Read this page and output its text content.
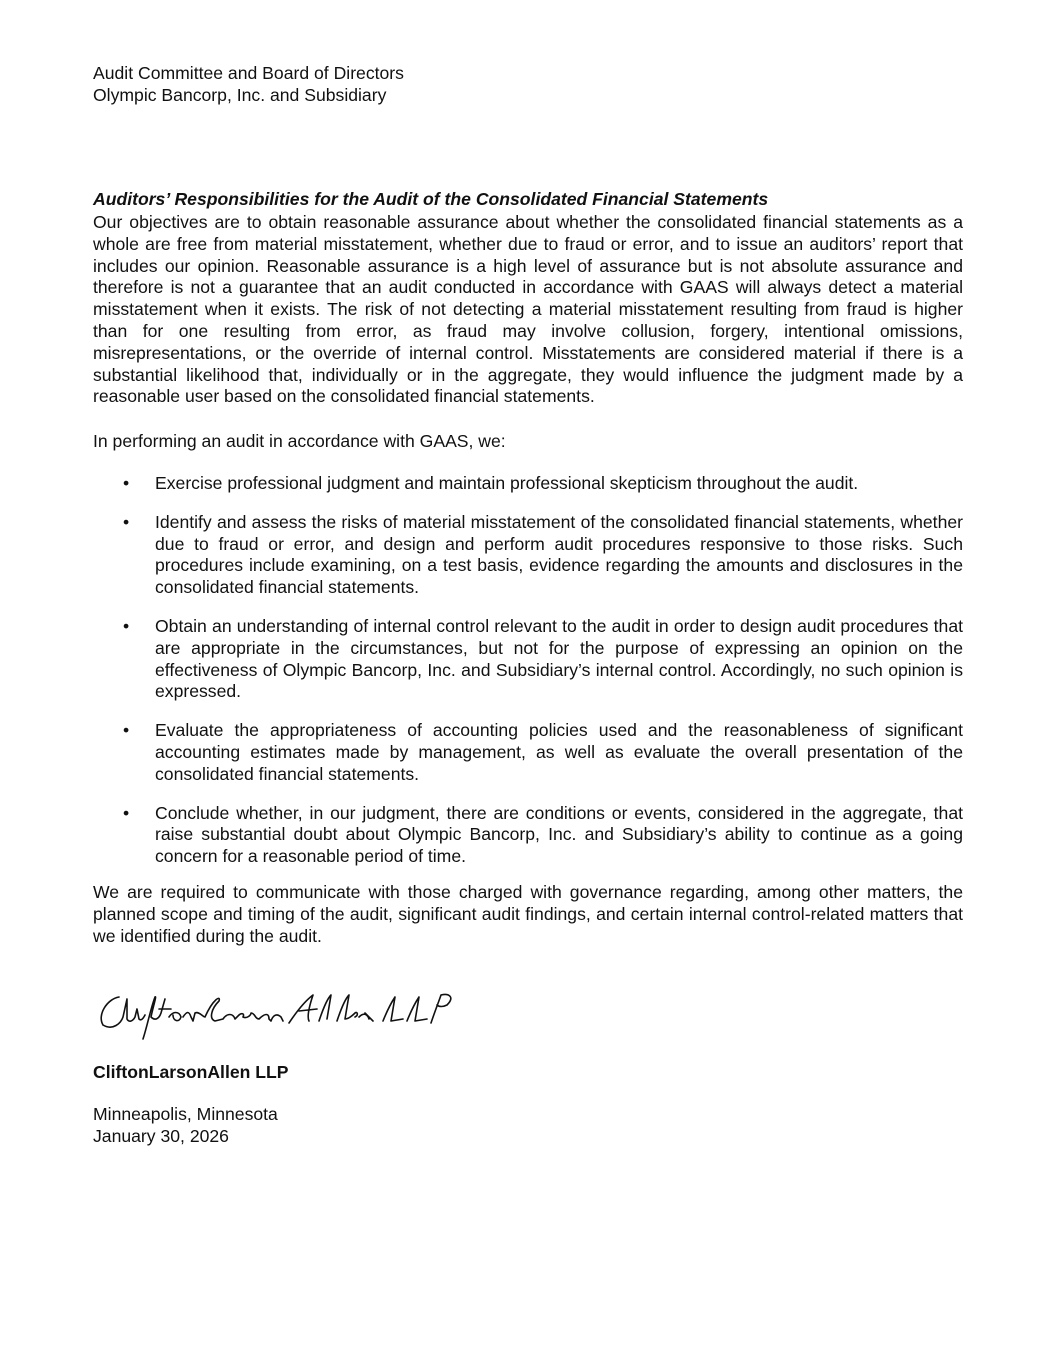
Audit Committee and Board of Directors
Olympic Bancorp, Inc. and Subsidiary
Auditors’ Responsibilities for the Audit of the Consolidated Financial Statements

Our objectives are to obtain reasonable assurance about whether the consolidated financial statements as a whole are free from material misstatement, whether due to fraud or error, and to issue an auditors’ report that includes our opinion. Reasonable assurance is a high level of assurance but is not absolute assurance and therefore is not a guarantee that an audit conducted in accordance with GAAS will always detect a material misstatement when it exists. The risk of not detecting a material misstatement resulting from fraud is higher than for one resulting from error, as fraud may involve collusion, forgery, intentional omissions, misrepresentations, or the override of internal control. Misstatements are considered material if there is a substantial likelihood that, individually or in the aggregate, they would influence the judgment made by a reasonable user based on the consolidated financial statements.

In performing an audit in accordance with GAAS, we:

• Exercise professional judgment and maintain professional skepticism throughout the audit.
• Identify and assess the risks of material misstatement of the consolidated financial statements, whether due to fraud or error, and design and perform audit procedures responsive to those risks. Such procedures include examining, on a test basis, evidence regarding the amounts and disclosures in the consolidated financial statements.
• Obtain an understanding of internal control relevant to the audit in order to design audit procedures that are appropriate in the circumstances, but not for the purpose of expressing an opinion on the effectiveness of Olympic Bancorp, Inc. and Subsidiary’s internal control. Accordingly, no such opinion is expressed.
• Evaluate the appropriateness of accounting policies used and the reasonableness of significant accounting estimates made by management, as well as evaluate the overall presentation of the consolidated financial statements.
• Conclude whether, in our judgment, there are conditions or events, considered in the aggregate, that raise substantial doubt about Olympic Bancorp, Inc. and Subsidiary’s ability to continue as a going concern for a reasonable period of time.

We are required to communicate with those charged with governance regarding, among other matters, the planned scope and timing of the audit, significant audit findings, and certain internal control-related matters that we identified during the audit.

CliftonLarsonAllen LLP
Minneapolis, Minnesota
January 30, 2026
